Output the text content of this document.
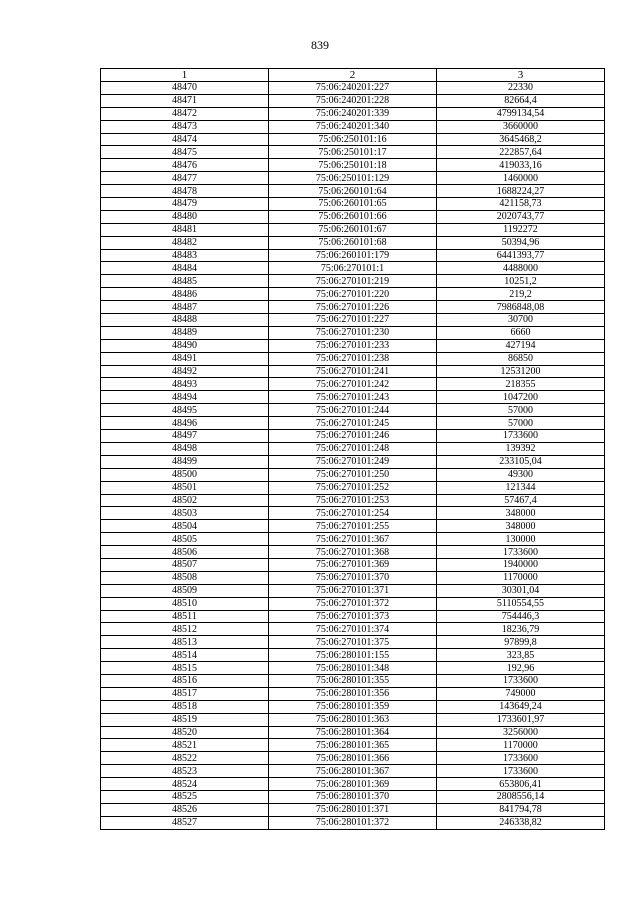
839
1	2	3
48470	75:06:240201:227	22330
48471	75:06:240201:228	82664,4
48472	75:06:240201:339	4799134,54
48473	75:06:240201:340	3660000
48474	75:06:250101:16	3645468,2
48475	75:06:250101:17	222857,64
48476	75:06:250101:18	419033,16
48477	75:06:250101:129	1460000
48478	75:06:260101:64	1688224,27
48479	75:06:260101:65	421158,73
48480	75:06:260101:66	2020743,77
48481	75:06:260101:67	1192272
48482	75:06:260101:68	50394,96
48483	75:06:260101:179	6441393,77
48484	75:06:270101:1	4488000
48485	75:06:270101:219	10251,2
48486	75:06:270101:220	219,2
48487	75:06:270101:226	7986848,08
48488	75:06:270101:227	30700
48489	75:06:270101:230	6660
48490	75:06:270101:233	427194
48491	75:06:270101:238	86850
48492	75:06:270101:241	12531200
48493	75:06:270101:242	218355
48494	75:06:270101:243	1047200
48495	75:06:270101:244	57000
48496	75:06:270101:245	57000
48497	75:06:270101:246	1733600
48498	75:06:270101:248	139392
48499	75:06:270101:249	233105,04
48500	75:06:270101:250	49300
48501	75:06:270101:252	121344
48502	75:06:270101:253	57467,4
48503	75:06:270101:254	348000
48504	75:06:270101:255	348000
48505	75:06:270101:367	130000
48506	75:06:270101:368	1733600
48507	75:06:270101:369	1940000
48508	75:06:270101:370	1170000
48509	75:06:270101:371	30301,04
48510	75:06:270101:372	5110554,55
48511	75:06:270101:373	754446,3
48512	75:06:270101:374	18236,79
48513	75:06:270101:375	97899,8
48514	75:06:280101:155	323,85
48515	75:06:280101:348	192,96
48516	75:06:280101:355	1733600
48517	75:06:280101:356	749000
48518	75:06:280101:359	143649,24
48519	75:06:280101:363	1733601,97
48520	75:06:280101:364	3256000
48521	75:06:280101:365	1170000
48522	75:06:280101:366	1733600
48523	75:06:280101:367	1733600
48524	75:06:280101:369	653806,41
48525	75:06:280101:370	2808556,14
48526	75:06:280101:371	841794,78
48527	75:06:280101:372	246338,82
